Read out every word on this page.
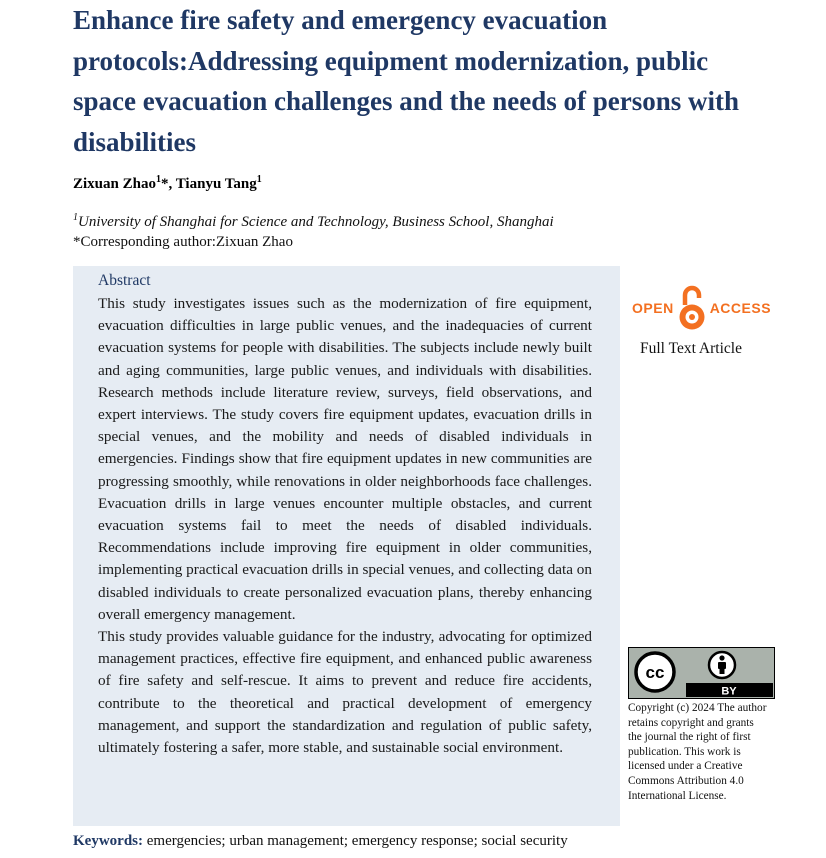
Enhance fire safety and emergency evacuation protocols:Addressing equipment modernization, public space evacuation challenges and the needs of persons with disabilities
Zixuan Zhao$^1$*, Tianyu Tang$^1$
$^1$University of Shanghai for Science and Technology, Business School, Shanghai
*Corresponding author:Zixuan Zhao
Abstract

This study investigates issues such as the modernization of fire equipment, evacuation difficulties in large public venues, and the inadequacies of current evacuation systems for people with disabilities. The subjects include newly built and aging communities, large public venues, and individuals with disabilities. Research methods include literature review, surveys, field observations, and expert interviews. The study covers fire equipment updates, evacuation drills in special venues, and the mobility and needs of disabled individuals in emergencies. Findings show that fire equipment updates in new communities are progressing smoothly, while renovations in older neighborhoods face challenges. Evacuation drills in large venues encounter multiple obstacles, and current evacuation systems fail to meet the needs of disabled individuals. Recommendations include improving fire equipment in older communities, implementing practical evacuation drills in special venues, and collecting data on disabled individuals to create personalized evacuation plans, thereby enhancing overall emergency management.

This study provides valuable guidance for the industry, advocating for optimized management practices, effective fire equipment, and enhanced public awareness of fire safety and self-rescue. It aims to prevent and reduce fire accidents, contribute to the theoretical and practical development of emergency management, and support the standardization and regulation of public safety, ultimately fostering a safer, more stable, and sustainable social environment.

Keywords: emergencies; urban management; emergency response; social security
OPEN	ACCESS
Full Text Article
cc
BY
Copyright (c) 2024 The author retains copyright and grants the journal the right of first publication. This work is licensed under a Creative Commons Attribution 4.0 International License.
